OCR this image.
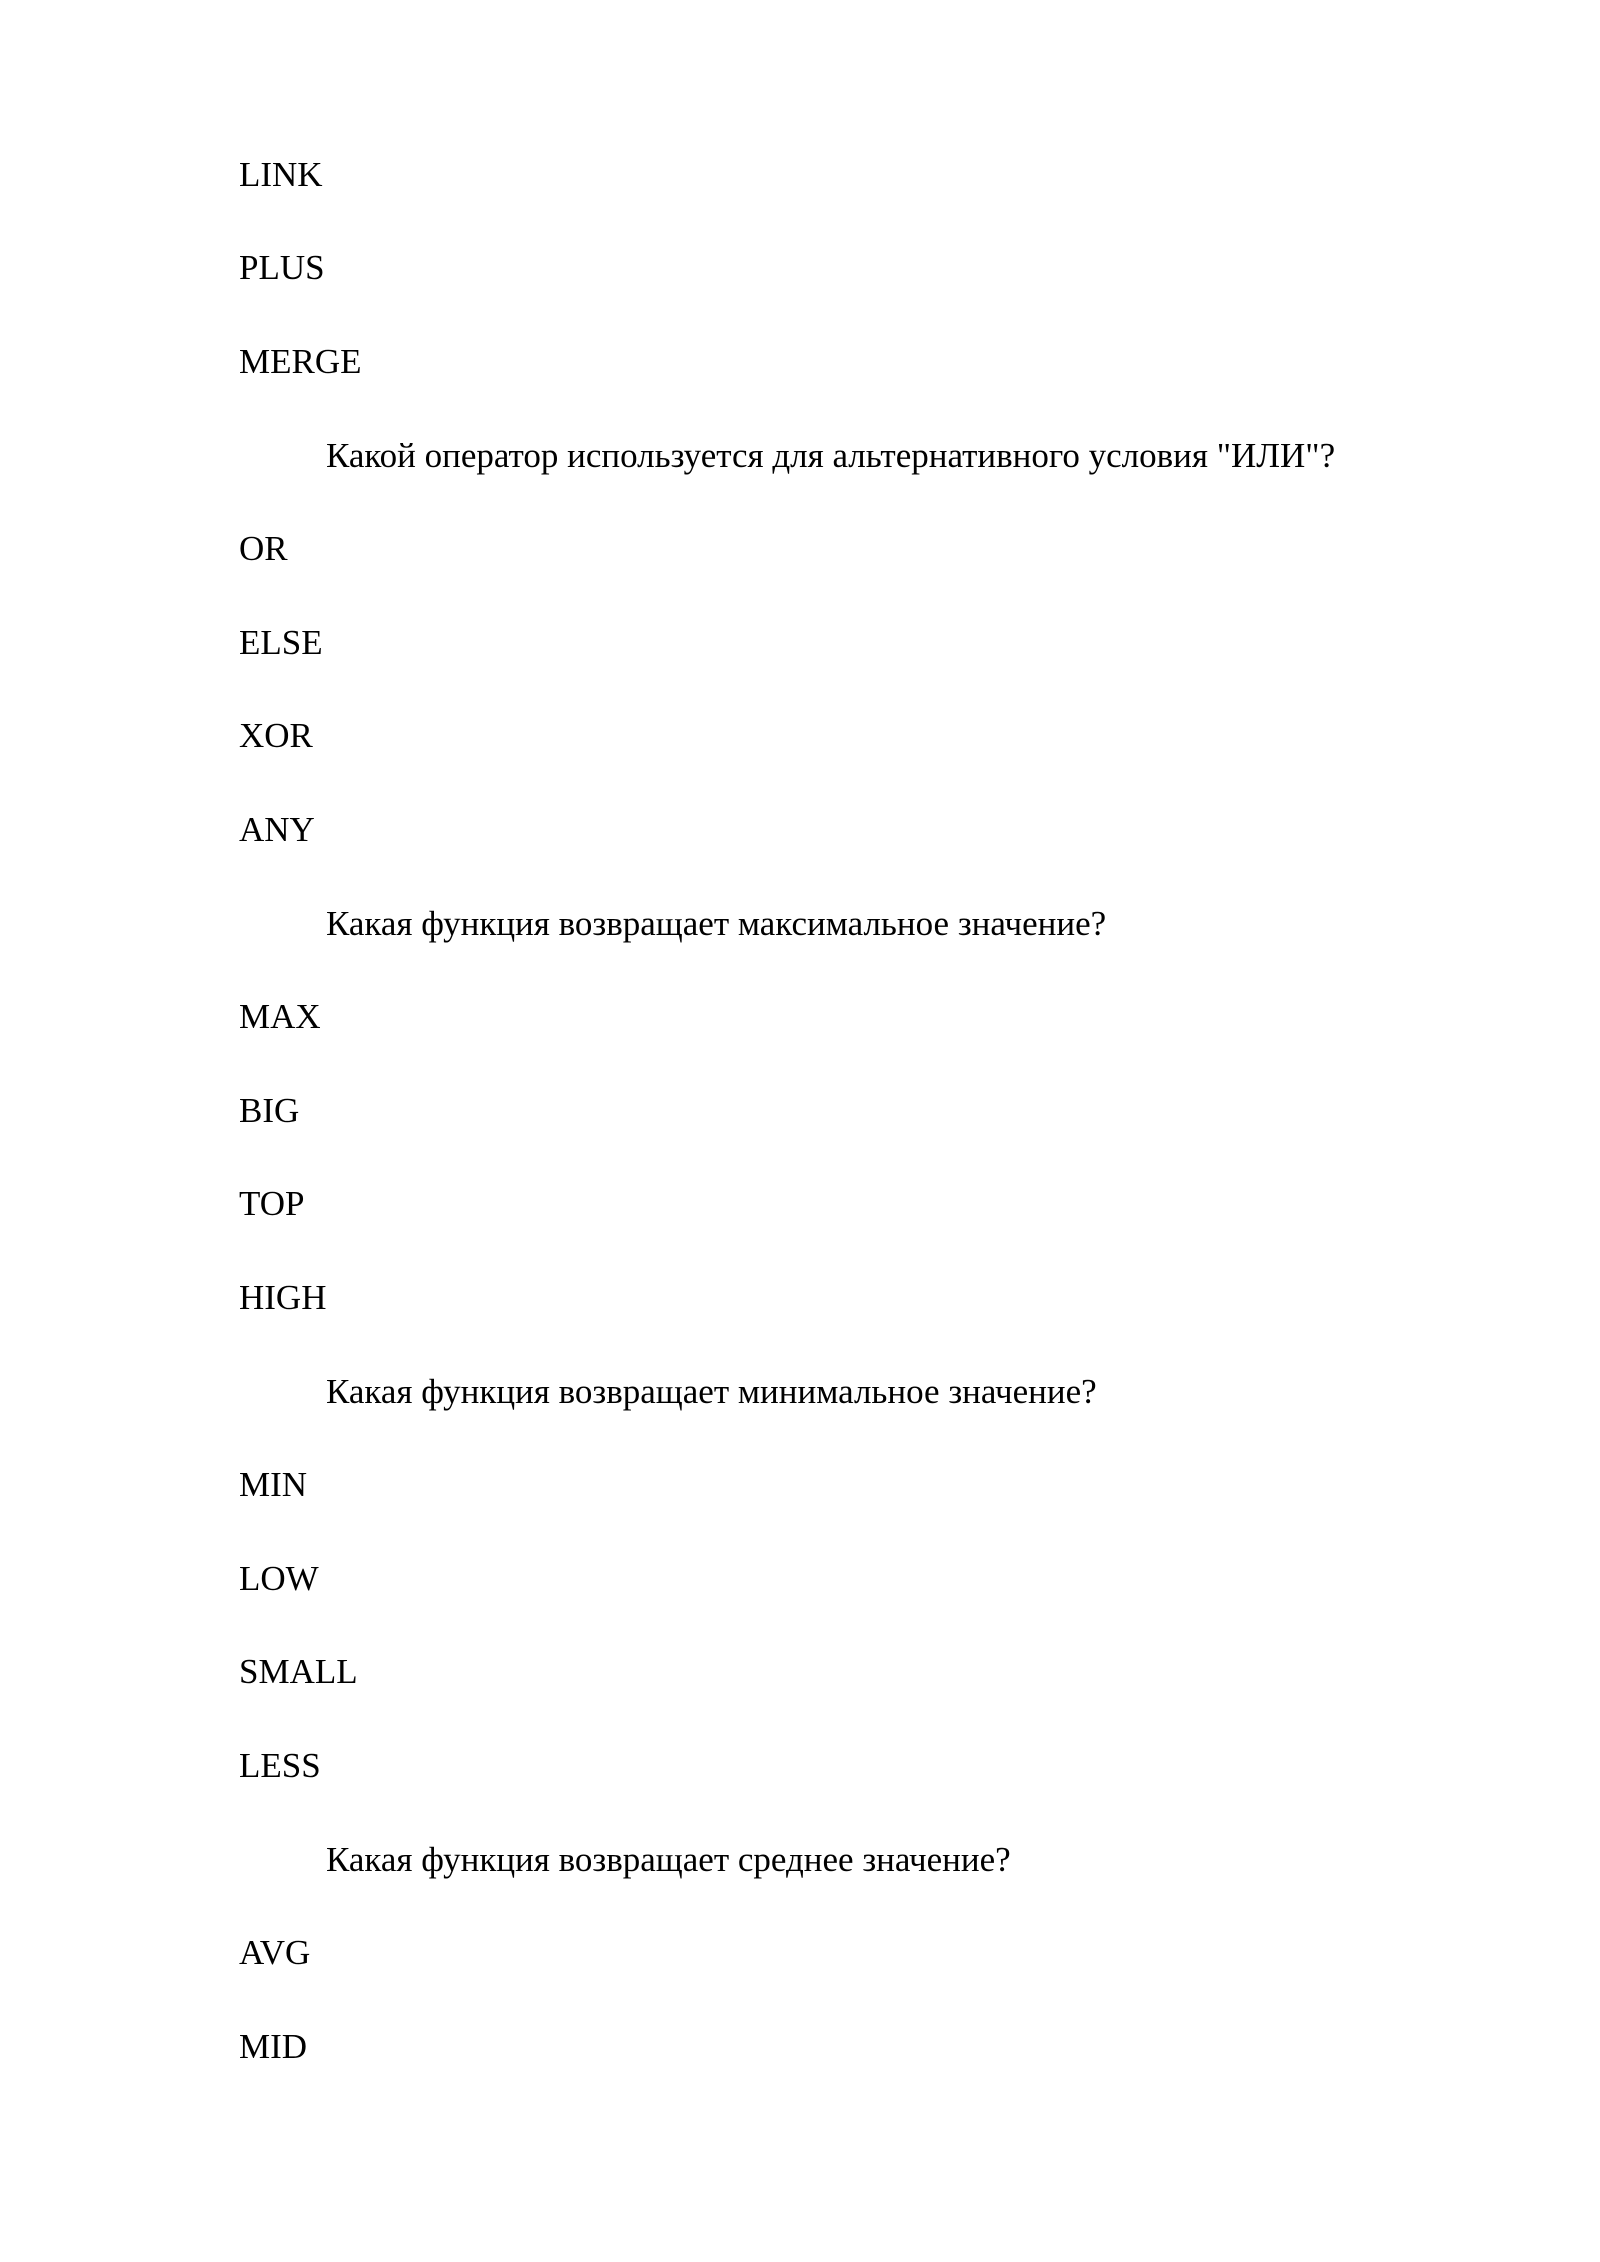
LINK
PLUS
MERGE
Какой оператор используется для альтернативного условия "ИЛИ"?
OR
ELSE
XOR
ANY
Какая функция возвращает максимальное значение?
MAX
BIG
TOP
HIGH
Какая функция возвращает минимальное значение?
MIN
LOW
SMALL
LESS
Какая функция возвращает среднее значение?
AVG
MID
